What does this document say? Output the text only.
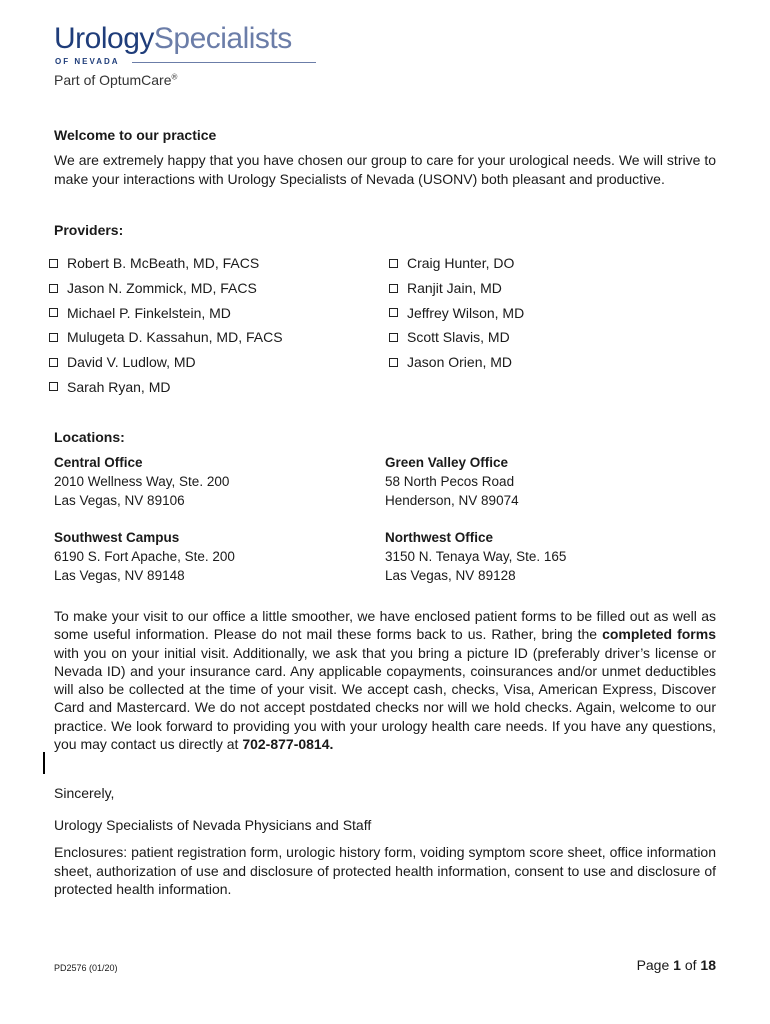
UrologySpecialists
OF NEVADA
Part of OptumCare®
Welcome to our practice
We are extremely happy that you have chosen our group to care for your urological needs. We will strive to make your interactions with Urology Specialists of Nevada (USONV) both pleasant and productive.
Providers:
Robert B. McBeath, MD, FACS
Jason N. Zommick, MD, FACS
Michael P. Finkelstein, MD
Mulugeta D. Kassahun, MD, FACS
David V. Ludlow, MD
Sarah Ryan, MD
Craig Hunter, DO
Ranjit Jain, MD
Jeffrey Wilson, MD
Scott Slavis, MD
Jason Orien, MD
Locations:
Central Office
2010 Wellness Way, Ste. 200
Las Vegas, NV 89106
Green Valley Office
58 North Pecos Road
Henderson, NV 89074
Southwest Campus
6190 S. Fort Apache, Ste. 200
Las Vegas, NV 89148
Northwest Office
3150 N. Tenaya Way, Ste. 165
Las Vegas, NV 89128
To make your visit to our office a little smoother, we have enclosed patient forms to be filled out as well as some useful information. Please do not mail these forms back to us. Rather, bring the completed forms with you on your initial visit. Additionally, we ask that you bring a picture ID (preferably driver’s license or Nevada ID) and your insurance card. Any applicable copayments, coinsurances and/or unmet deductibles will also be collected at the time of your visit. We accept cash, checks, Visa, American Express, Discover Card and Mastercard. We do not accept postdated checks nor will we hold checks. Again, welcome to our practice. We look forward to providing you with your urology health care needs. If you have any questions, you may contact us directly at 702-877-0814.
Sincerely,
Urology Specialists of Nevada Physicians and Staff
Enclosures: patient registration form, urologic history form, voiding symptom score sheet, office information sheet, authorization of use and disclosure of protected health information, consent to use and disclosure of protected health information.
PD2576 (01/20)	Page 1 of 18
